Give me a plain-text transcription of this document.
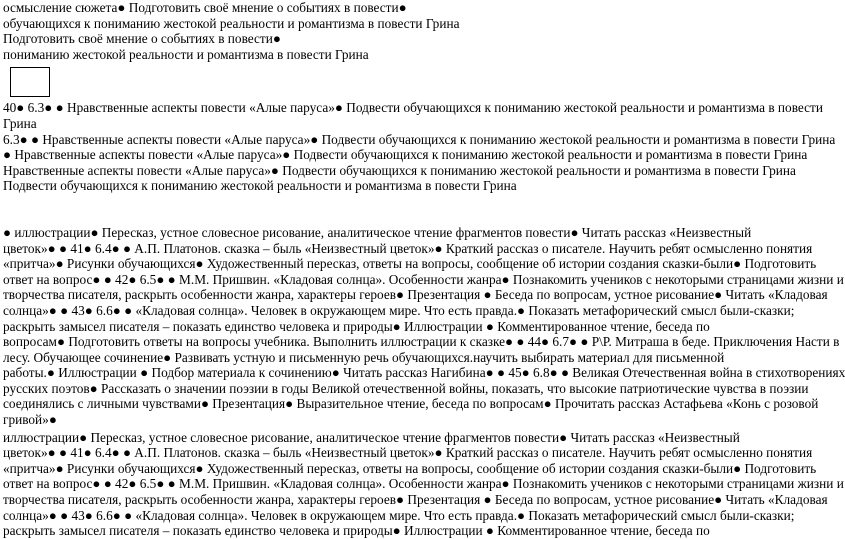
осмысление сюжета● Подготовить своё мнение о событиях в повести●

обучающихся к пониманию жестокой реальности и романтизма в повести Грина

Подготовить своё мнение о событиях в повести●

пониманию жестокой реальности и романтизма в повести Грина

40● 6.3● ● Нравственные аспекты повести «Алые паруса»● Подвести обучающихся к пониманию жестокой реальности и романтизма в повести

Грина

6.3● ● Нравственные аспекты повести «Алые паруса»● Подвести обучающихся к пониманию жестокой реальности и романтизма в повести Грина

● Нравственные аспекты повести «Алые паруса»● Подвести обучающихся к пониманию жестокой реальности и романтизма в повести Грина

Нравственные аспекты повести «Алые паруса»● Подвести обучающихся к пониманию жестокой реальности и романтизма в повести Грина

Подвести обучающихся к пониманию жестокой реальности и романтизма в повести Грина

● иллюстрации● Пересказ, устное словесное рисование, аналитическое чтение фрагментов повести● Читать рассказ «Неизвестный

цветок»● ● 41● 6.4● ● А.П. Платонов. сказка – быль «Неизвестный цветок»● Краткий рассказ о писателе. Научить ребят осмысленно понятия

«притча»● Рисунки обучающихся● Художественный пересказ, ответы на вопросы, сообщение об истории создания сказки-были● Подготовить

ответ на вопрос● ● 42● 6.5● ● М.М. Пришвин. «Кладовая солнца». Особенности жанра● Познакомить учеников с некоторыми страницами жизни и

творчества писателя, раскрыть особенности жанра, характеры героев● Презентация ● Беседа по вопросам, устное рисование● Читать «Кладовая

солнца»● ● 43● 6.6● ● «Кладовая солнца». Человек в окружающем мире. Что есть правда.● Показать метафорический смысл были-сказки;

раскрыть замысел писателя – показать единство человека и природы● Иллюстрации ● Комментированное чтение, беседа по

вопросам● Подготовить ответы на вопросы учебника. Выполнить иллюстрации к сказке● ● 44● 6.7● ● Р\Р. Митраша в беде. Приключения Насти в

лесу. Обучающее сочинение● Развивать устную и письменную речь обучающихся.научить выбирать материал для письменной

работы.● Иллюстрации ● Подбор материала к сочинению● Читать рассказ Нагибина● ● 45● 6.8● ● Великая Отечественная война в стихотворениях

русских поэтов● Рассказать о значении поэзии в годы Великой отечественной войны, показать, что высокие патриотические чувства в поэзии

соединялись с личными чувствами● Презентация● Выразительное чтение, беседа по вопросам● Прочитать рассказ Астафьева «Конь с розовой

гривой»●

иллюстрации● Пересказ, устное словесное рисование, аналитическое чтение фрагментов повести● Читать рассказ «Неизвестный

цветок»● ● 41● 6.4● ● А.П. Платонов. сказка – быль «Неизвестный цветок»● Краткий рассказ о писателе. Научить ребят осмысленно понятия

«притча»● Рисунки обучающихся● Художественный пересказ, ответы на вопросы, сообщение об истории создания сказки-были● Подготовить

ответ на вопрос● ● 42● 6.5● ● М.М. Пришвин. «Кладовая солнца». Особенности жанра● Познакомить учеников с некоторыми страницами жизни и

творчества писателя, раскрыть особенности жанра, характеры героев● Презентация ● Беседа по вопросам, устное рисование● Читать «Кладовая

солнца»● ● 43● 6.6● ● «Кладовая солнца». Человек в окружающем мире. Что есть правда.● Показать метафорический смысл были-сказки;

раскрыть замысел писателя – показать единство человека и природы● Иллюстрации ● Комментированное чтение, беседа по
